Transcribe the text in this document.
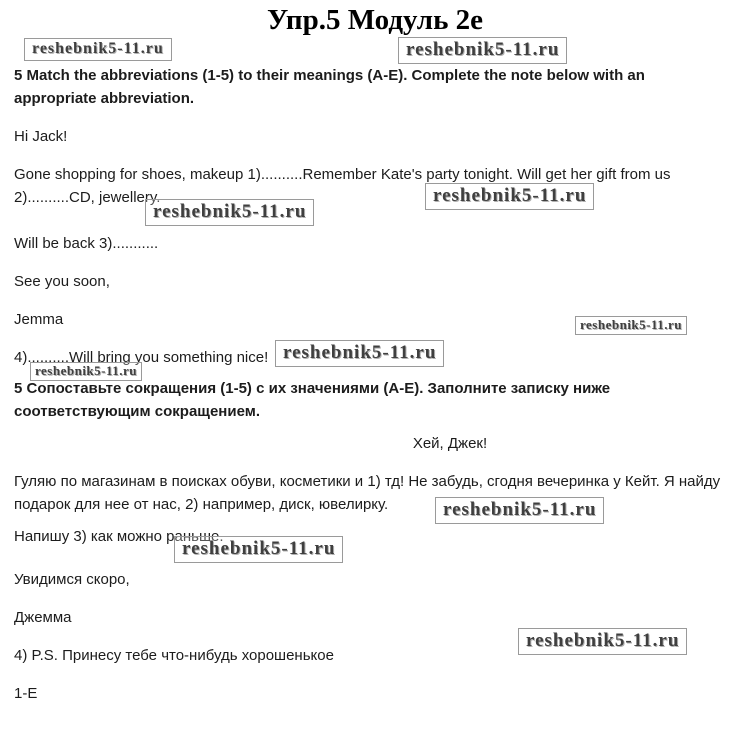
reshebnik5-11.ru	reshebnik5-11.ru
reshebnik5-11.ru
reshebnik5-11.ru
reshebnik5-11.ru
reshebnik5-11.ru
reshebnik5-11.ru
reshebnik5-11.ru
reshebnik5-11.ru
reshebnik5-11.ru
Упр.5 Модуль 2е

5 Match the abbreviations (1-5) to their meanings (A-E). Complete the note below with an appropriate abbreviation.

Hi Jack!

Gone shopping for shoes, makeup 1)..........Remember Kate's party tonight. Will get her gift from us 2)..........CD, jewellery.

Will be back 3)...........

See you soon,

Jemma

4)..........Will bring you something nice!

5 Сопоставьте сокращения (1-5) с их значениями (А-Е). Заполните записку ниже соответствующим сокращением.

Хей, Джек!

Гуляю по магазинам в поисках обуви, косметики и 1) тд! Не забудь, сгодня вечеринка у Кейт. Я найду подарок для нее от нас, 2) например, диск, ювелирку.

Напишу 3) как можно раньше.

Увидимся скоро,

Джемма

4) P.S. Принесу тебе что-нибудь хорошенькое

1-E
